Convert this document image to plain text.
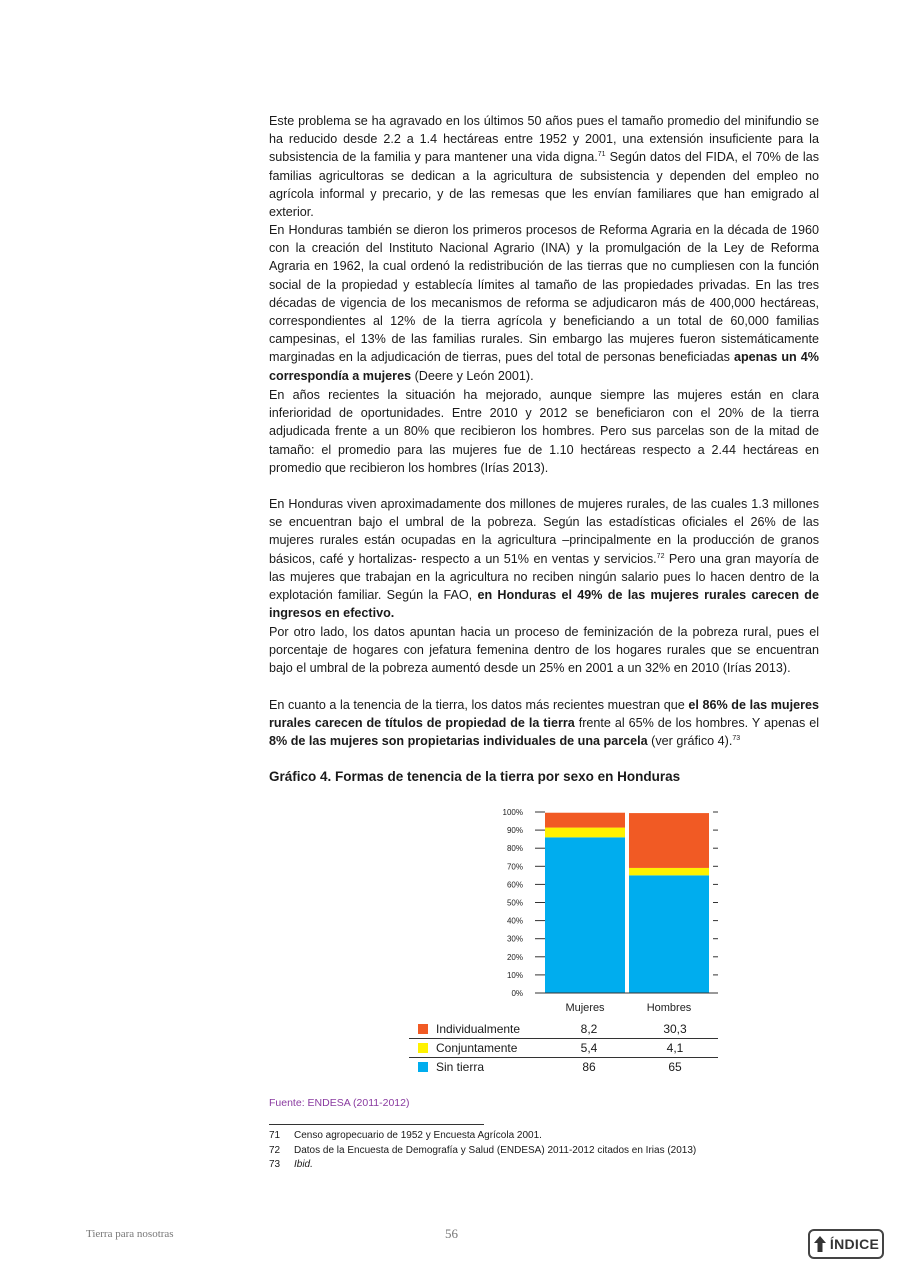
Este problema se ha agravado en los últimos 50 años pues el tamaño promedio del minifundio se ha reducido desde 2.2 a 1.4 hectáreas entre 1952 y 2001, una extensión insuficiente para la subsistencia de la familia y para mantener una vida digna.$^{71}$ Según datos del FIDA, el 70% de las familias agricultoras se dedican a la agricultura de subsistencia y dependen del empleo no agrícola informal y precario, y de las remesas que les envían familiares que han emigrado al exterior.

En Honduras también se dieron los primeros procesos de Reforma Agraria en la década de 1960 con la creación del Instituto Nacional Agrario (INA) y la promulgación de la Ley de Reforma Agraria en 1962, la cual ordenó la redistribución de las tierras que no cumpliesen con la función social de la propiedad y establecía límites al tamaño de las propiedades privadas. En las tres décadas de vigencia de los mecanismos de reforma se adjudicaron más de 400,000 hectáreas, correspondientes al 12% de la tierra agrícola y beneficiando a un total de 60,000 familias campesinas, el 13% de las familias rurales. Sin embargo las mujeres fueron sistemáticamente marginadas en la adjudicación de tierras, pues del total de personas beneficiadas apenas un 4% correspondía a mujeres (Deere y León 2001).

En años recientes la situación ha mejorado, aunque siempre las mujeres están en clara inferioridad de oportunidades. Entre 2010 y 2012 se beneficiaron con el 20% de la tierra adjudicada frente a un 80% que recibieron los hombres. Pero sus parcelas son de la mitad de tamaño: el promedio para las mujeres fue de 1.10 hectáreas respecto a 2.44 hectáreas en promedio que recibieron los hombres (Irías 2013).

En Honduras viven aproximadamente dos millones de mujeres rurales, de las cuales 1.3 millones se encuentran bajo el umbral de la pobreza. Según las estadísticas oficiales el 26% de las mujeres rurales están ocupadas en la agricultura –principalmente en la producción de granos básicos, café y hortalizas- respecto a un 51% en ventas y servicios.$^{72}$ Pero una gran mayoría de las mujeres que trabajan en la agricultura no reciben ningún salario pues lo hacen dentro de la explotación familiar. Según la FAO, en Honduras el 49% de las mujeres rurales carecen de ingresos en efectivo.

Por otro lado, los datos apuntan hacia un proceso de feminización de la pobreza rural, pues el porcentaje de hogares con jefatura femenina dentro de los hogares rurales que se encuentran bajo el umbral de la pobreza aumentó desde un 25% en 2001 a un 32% en 2010 (Irías 2013).

En cuanto a la tenencia de la tierra, los datos más recientes muestran que el 86% de las mujeres rurales carecen de títulos de propiedad de la tierra frente al 65% de los hombres. Y apenas el 8% de las mujeres son propietarias individuales de una parcela (ver gráfico 4).$^{73}$

Gráfico 4. Formas de tenencia de la tierra por sexo en Honduras
0%
10%
20%
30%
40%
50%
60%
70%
80%
90%
100%
Mujeres	Hombres
Individualmente	8,2	30,3
Conjuntamente	5,4	4,1
Sin tierra	86	65
Fuente: ENDESA (2011-2012)
71 Censo agropecuario de 1952 y Encuesta Agrícola 2001.
72 Datos de la Encuesta de Demografía y Salud (ENDESA) 2011-2012 citados en Irias (2013)
73 Ibid.
Tierra para nosotras	56
ÍNDICE
